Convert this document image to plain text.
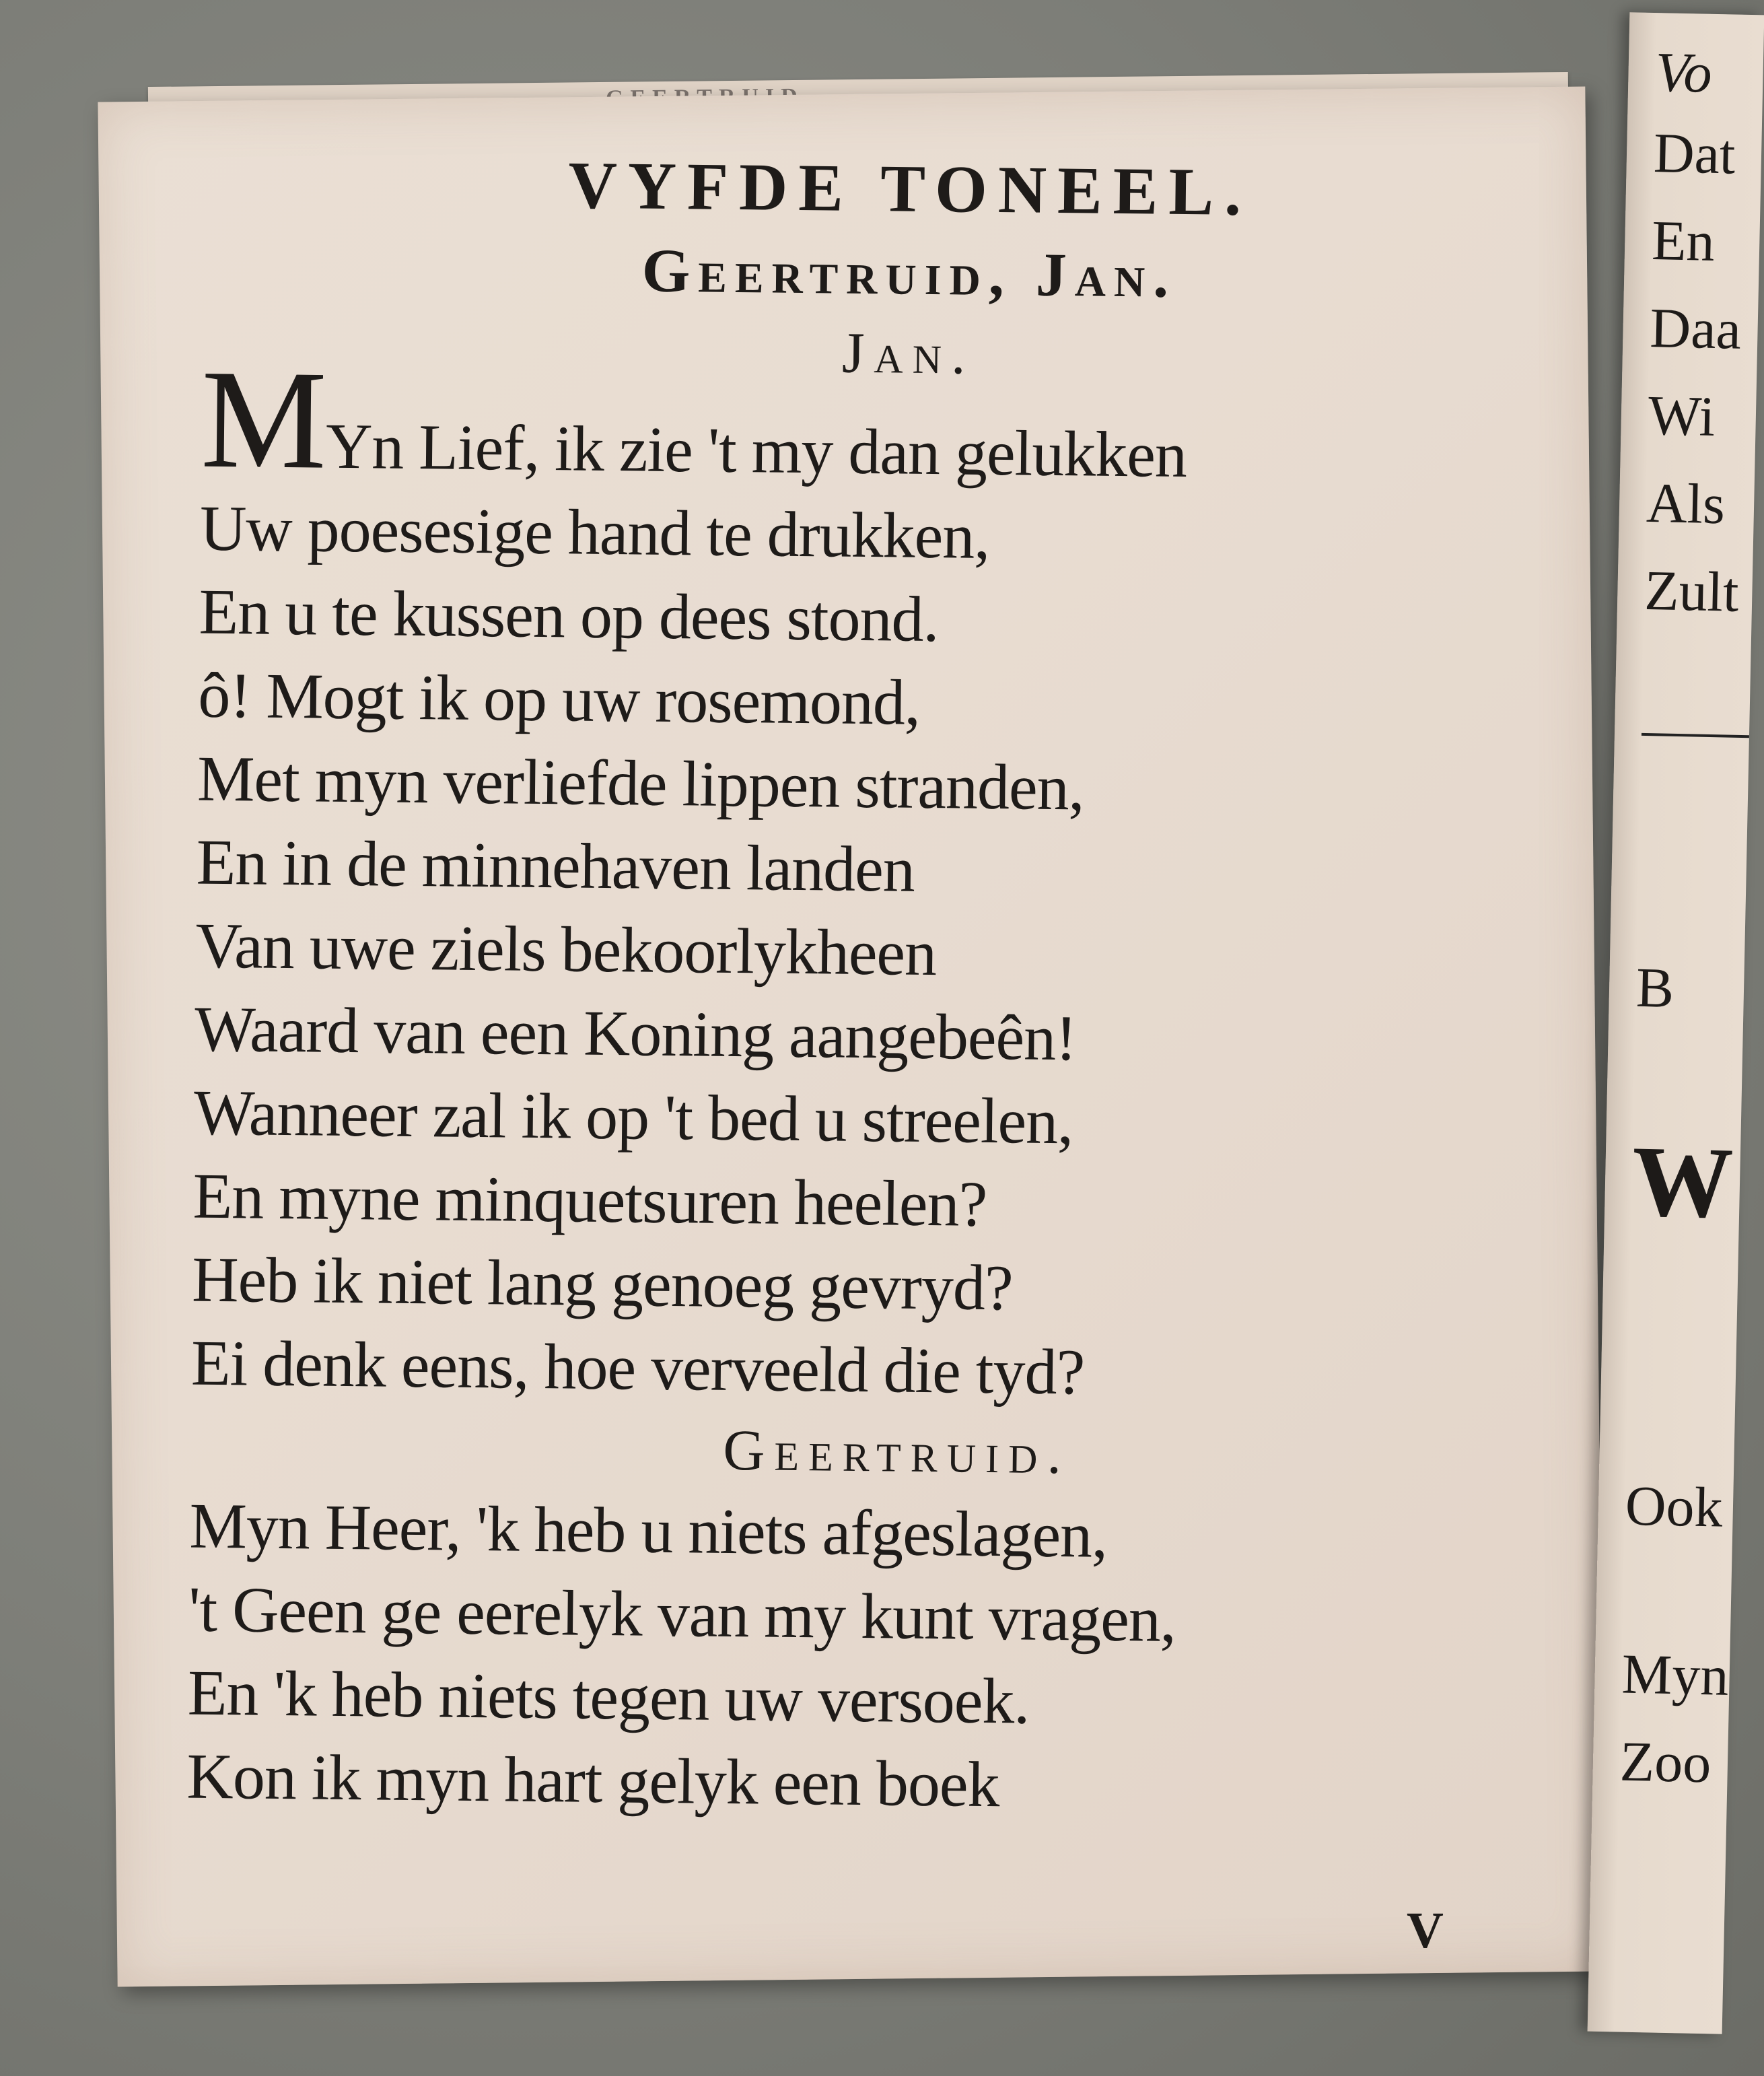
Vo
Dat
En
Daa
Wi
Als
Zult
B
W
Ook
Myn
Zoo

VYFDE TONEEL.

Geertruid, Jan.

Jan.

MYn Lief, ik zie 't my dan gelukken

Uw poesesige hand te drukken,

En u te kussen op dees stond.

ô! Mogt ik op uw rosemond,

Met myn verliefde lippen stranden,

En in de minnehaven landen

Van uwe ziels bekoorlykheen

Waard van een Koning aangebeên!

Wanneer zal ik op 't bed u streelen,

En myne minquetsuren heelen?

Heb ik niet lang genoeg gevryd?

Ei denk eens, hoe verveeld die tyd?

Geertruid.

Myn Heer, 'k heb u niets afgeslagen,

't Geen ge eerelyk van my kunt vragen,

En 'k heb niets tegen uw versoek.

Kon ik myn hart gelyk een boek

V
